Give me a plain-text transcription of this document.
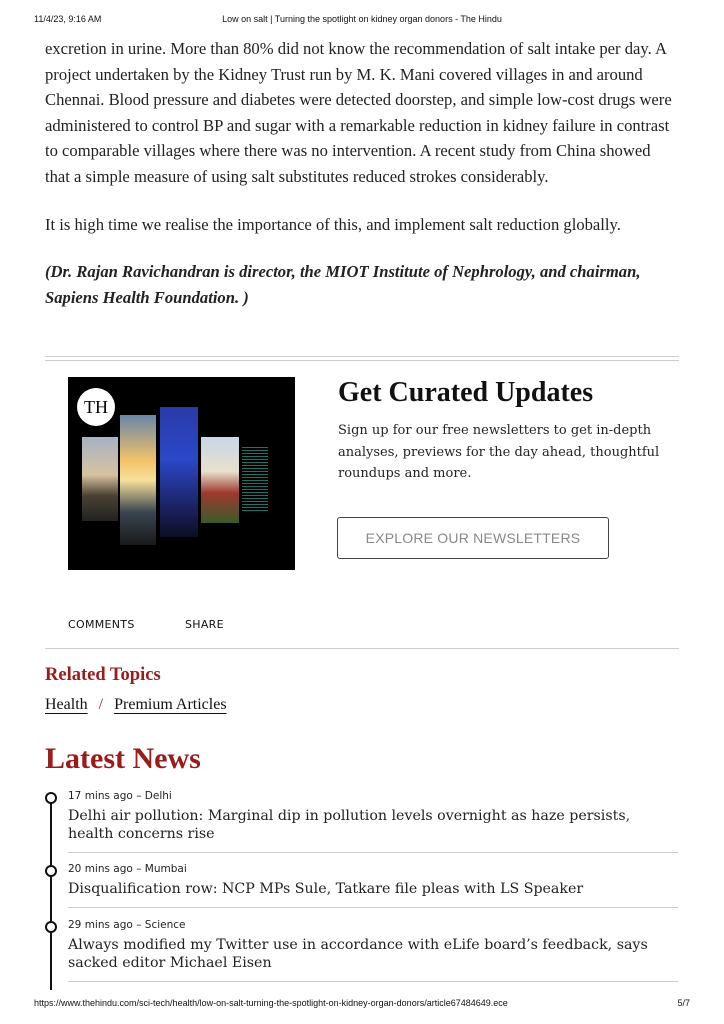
11/4/23, 9:16 AM	Low on salt | Turning the spotlight on kidney organ donors - The Hindu

excretion in urine. More than 80% did not know the recommendation of salt intake per day. A project undertaken by the Kidney Trust run by M. K. Mani covered villages in and around Chennai. Blood pressure and diabetes were detected doorstep, and simple low-cost drugs were administered to control BP and sugar with a remarkable reduction in kidney failure in contrast to comparable villages where there was no intervention. A recent study from China showed that a simple measure of using salt substitutes reduced strokes considerably.

It is high time we realise the importance of this, and implement salt reduction globally.

(Dr. Rajan Ravichandran is director, the MIOT Institute of Nephrology, and chairman, Sapiens Health Foundation. )

TH	Get Curated Updates
Sign up for our free newsletters to get in-depth analyses, previews for the day ahead, thoughtful roundups and more.
EXPLORE OUR NEWSLETTERS
COMMENTS	SHARE
Related Topics
Health / Premium Articles
Latest News
17 mins ago – Delhi
Delhi air pollution: Marginal dip in pollution levels overnight as haze persists, health concerns rise
20 mins ago – Mumbai
Disqualification row: NCP MPs Sule, Tatkare file pleas with LS Speaker
29 mins ago – Science
Always modified my Twitter use in accordance with eLife board’s feedback, says sacked editor Michael Eisen
https://www.thehindu.com/sci-tech/health/low-on-salt-turning-the-spotlight-on-kidney-organ-donors/article67484649.ece	5/7
